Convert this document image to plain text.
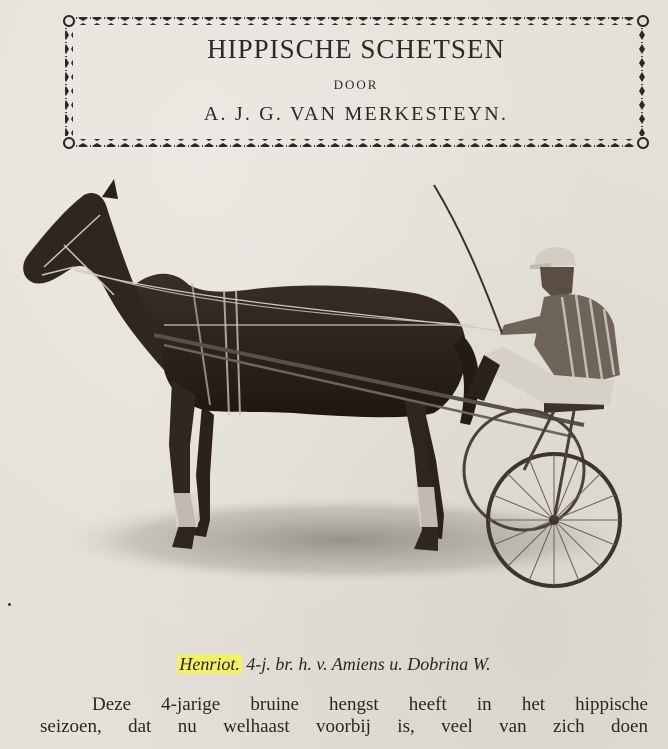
HIPPISCHE SCHETSEN
DOOR
A. J. G. VAN MERKESTEYN.
Henriot. 4-j. br. h. v. Amiens u. Dobrina W.
Deze 4-jarige bruine hengst heeft in het hippische
seizoen, dat nu welhaast voorbij is, veel van zich doen
